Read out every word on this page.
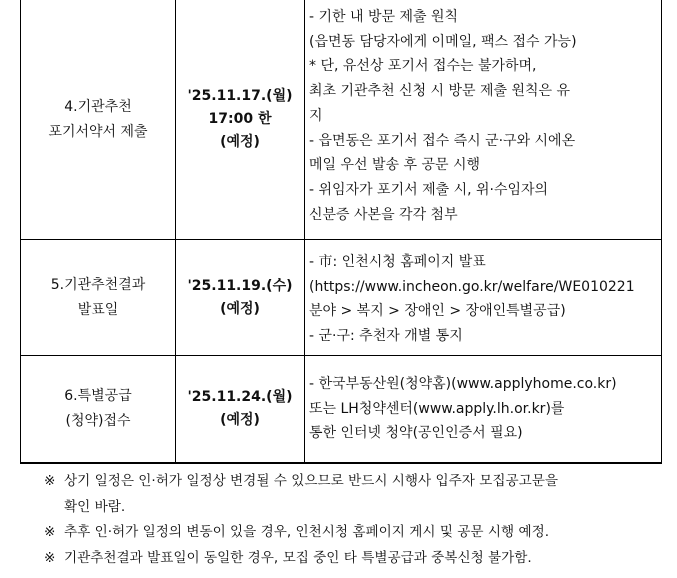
4.기관추천
포기서약서 제출
'25.11.17.(월)
17:00 한
(예정)
- 기한 내 방문 제출 원칙
(읍면동 담당자에게 이메일, 팩스 접수 가능)
* 단, 유선상 포기서 접수는 불가하며,
최초 기관추천 신청 시 방문 제출 원칙은 유
지
- 읍면동은 포기서 접수 즉시 군·구와 시에온
메일 우선 발송 후 공문 시행
- 위임자가 포기서 제출 시, 위·수임자의
신분증 사본을 각각 첨부
5.기관추천결과
발표일
'25.11.19.(수)
(예정)
- 市: 인천시청 홈페이지 발표
(https://www.incheon.go.kr/welfare/WE010221
분야 > 복지 > 장애인 > 장애인특별공급)
- 군·구: 추천자 개별 통지
6.특별공급
(청약)접수
'25.11.24.(월)
(예정)
- 한국부동산원(청약홈)(www.applyhome.co.kr)
또는 LH청약센터(www.apply.lh.or.kr)를
통한 인터넷 청약(공인인증서 필요)
※ 상기 일정은 인·허가 일정상 변경될 수 있으므로 반드시 시행사 입주자 모집공고문을
확인 바람.
※ 추후 인·허가 일정의 변동이 있을 경우, 인천시청 홈페이지 게시 및 공문 시행 예정.
※ 기관추천결과 발표일이 동일한 경우, 모집 중인 타 특별공급과 중복신청 불가함.
